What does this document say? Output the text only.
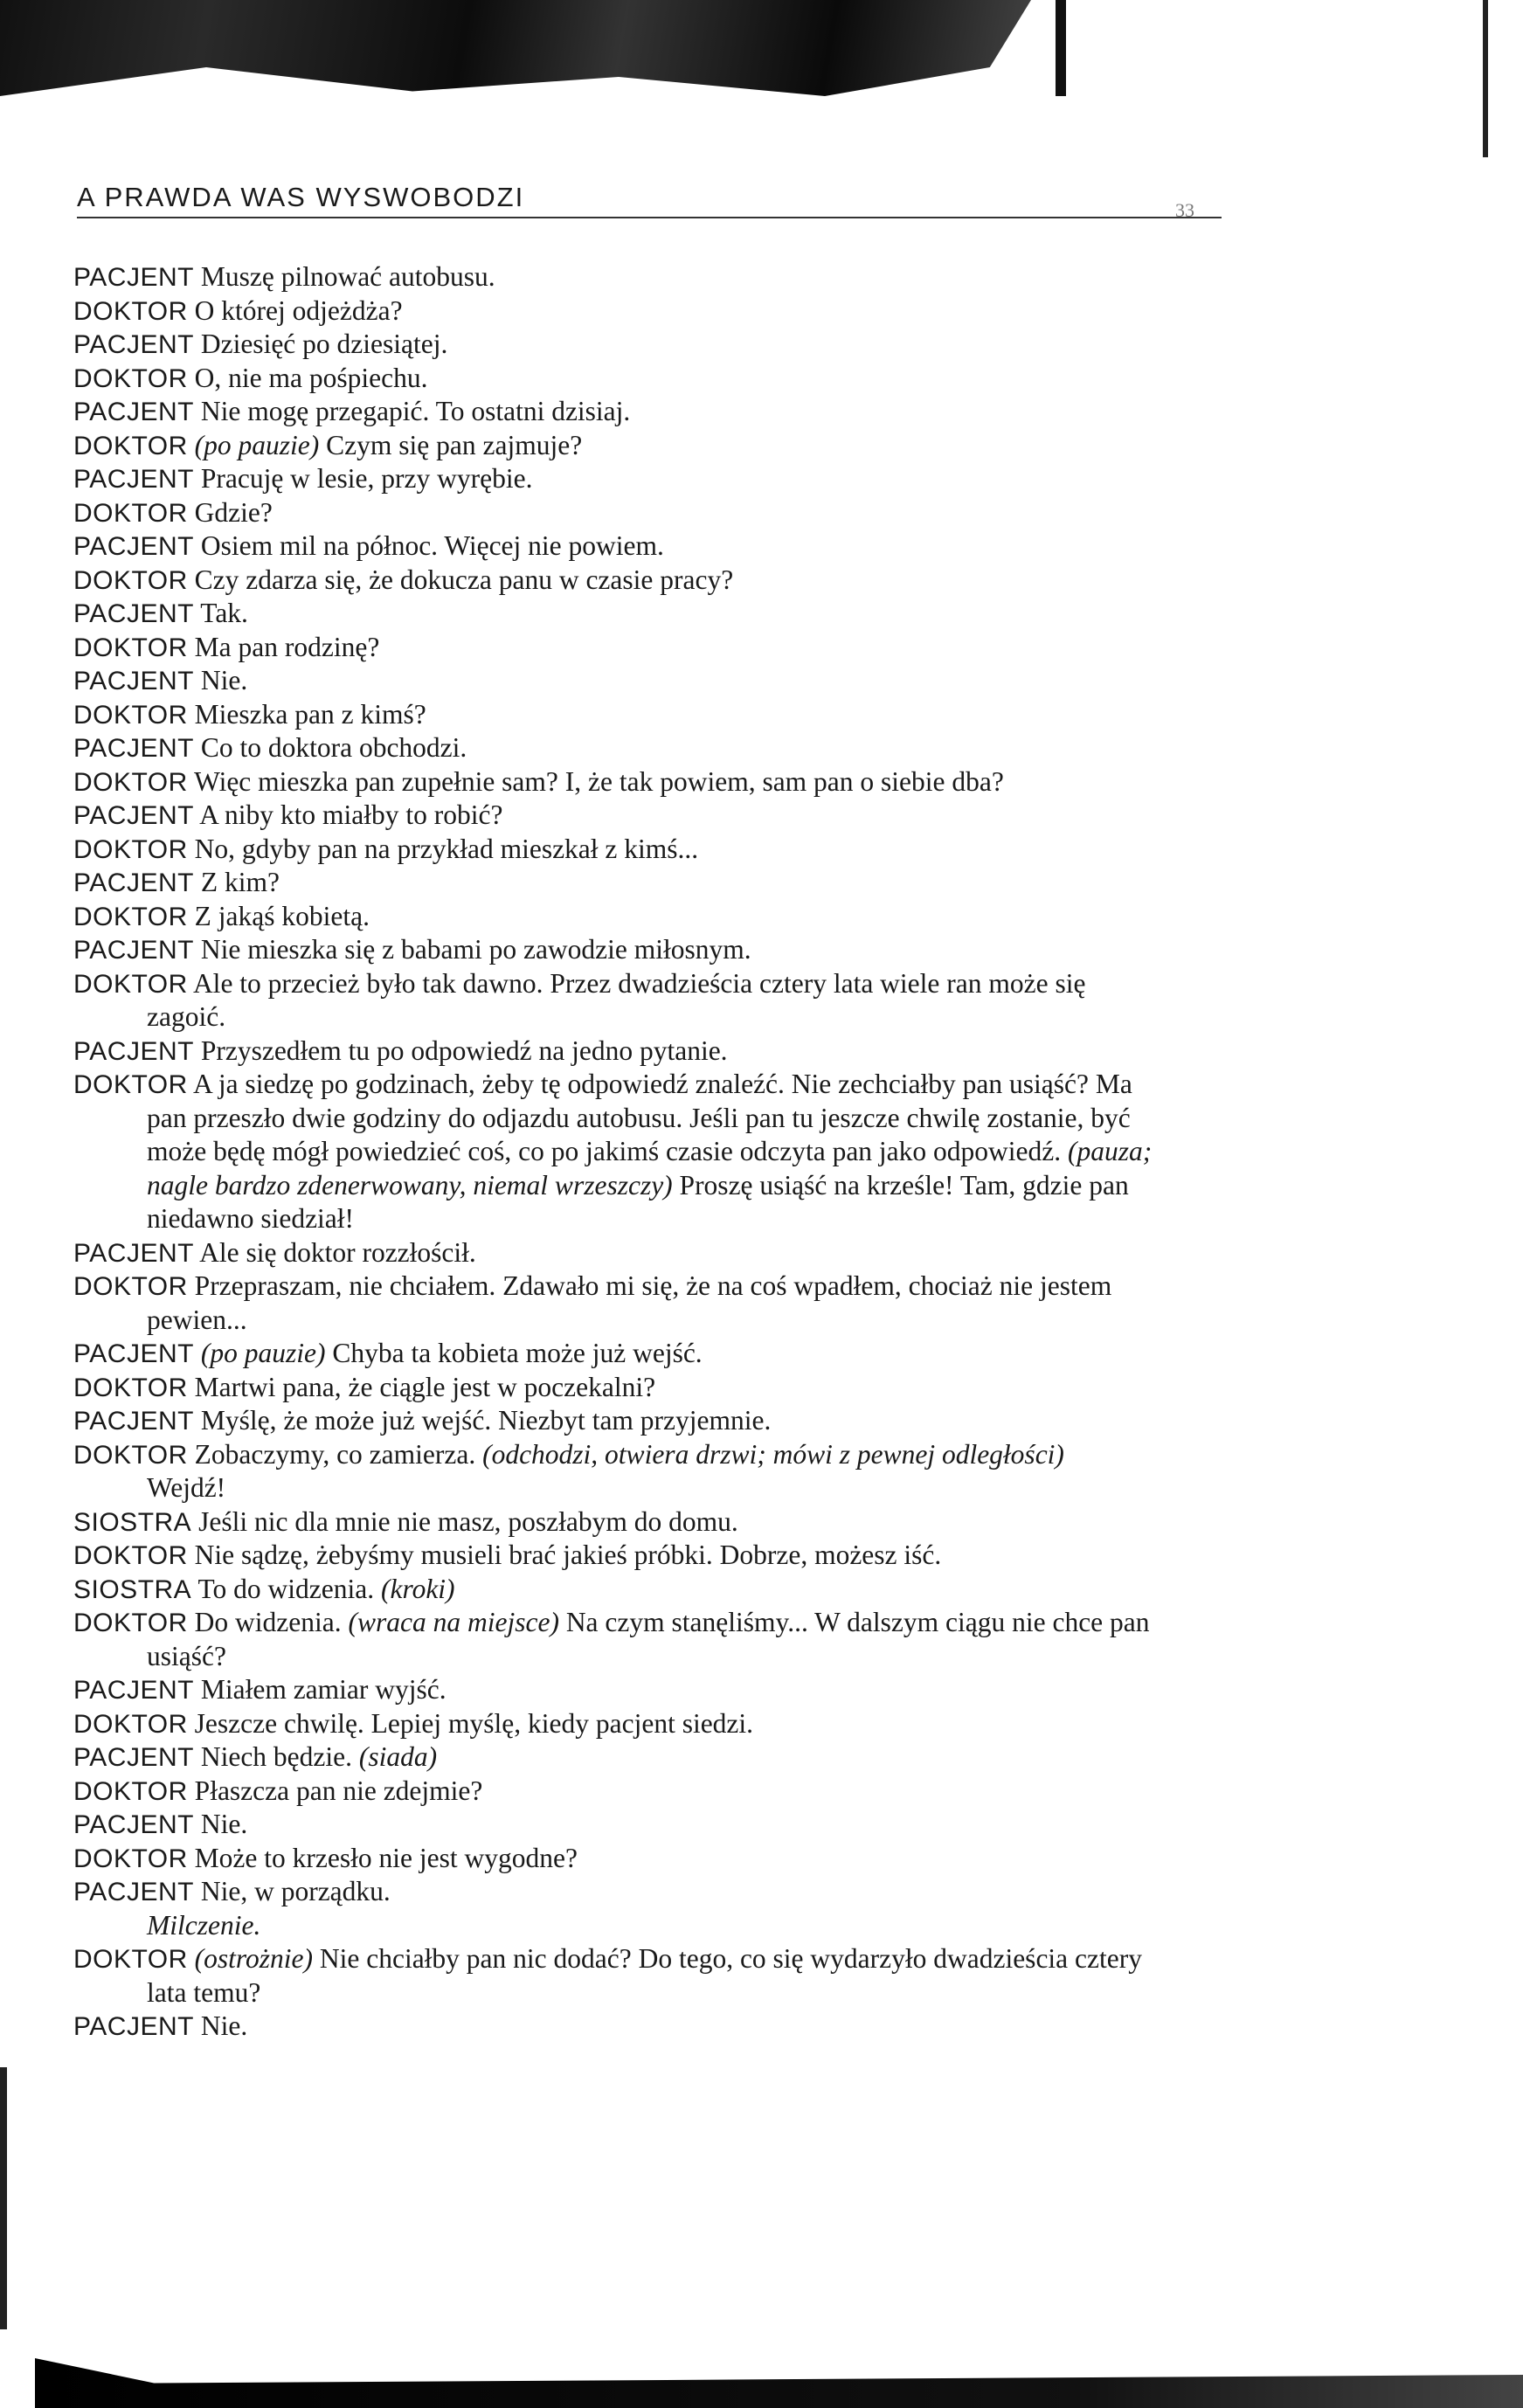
A PRAWDA WAS WYSWOBODZI	33
PACJENT Muszę pilnować autobusu.
DOKTOR O której odjeżdża?
PACJENT Dziesięć po dziesiątej.
DOKTOR O, nie ma pośpiechu.
PACJENT Nie mogę przegapić. To ostatni dzisiaj.
DOKTOR (po pauzie) Czym się pan zajmuje?
PACJENT Pracuję w lesie, przy wyrębie.
DOKTOR Gdzie?
PACJENT Osiem mil na północ. Więcej nie powiem.
DOKTOR Czy zdarza się, że dokucza panu w czasie pracy?
PACJENT Tak.
DOKTOR Ma pan rodzinę?
PACJENT Nie.
DOKTOR Mieszka pan z kimś?
PACJENT Co to doktora obchodzi.
DOKTOR Więc mieszka pan zupełnie sam? I, że tak powiem, sam pan o siebie dba?
PACJENT A niby kto miałby to robić?
DOKTOR No, gdyby pan na przykład mieszkał z kimś...
PACJENT Z kim?
DOKTOR Z jakąś kobietą.
PACJENT Nie mieszka się z babami po zawodzie miłosnym.
DOKTOR Ale to przecież było tak dawno. Przez dwadzieścia cztery lata wiele ran może się
zagoić.
PACJENT Przyszedłem tu po odpowiedź na jedno pytanie.
DOKTOR A ja siedzę po godzinach, żeby tę odpowiedź znaleźć. Nie zechciałby pan usiąść? Ma
pan przeszło dwie godziny do odjazdu autobusu. Jeśli pan tu jeszcze chwilę zostanie, być
może będę mógł powiedzieć coś, co po jakimś czasie odczyta pan jako odpowiedź. (pauza;
nagle bardzo zdenerwowany, niemal wrzeszczy) Proszę usiąść na krześle! Tam, gdzie pan
niedawno siedział!
PACJENT Ale się doktor rozzłościł.
DOKTOR Przepraszam, nie chciałem. Zdawało mi się, że na coś wpadłem, chociaż nie jestem
pewien...
PACJENT (po pauzie) Chyba ta kobieta może już wejść.
DOKTOR Martwi pana, że ciągle jest w poczekalni?
PACJENT Myślę, że może już wejść. Niezbyt tam przyjemnie.
DOKTOR Zobaczymy, co zamierza. (odchodzi, otwiera drzwi; mówi z pewnej odległości)
Wejdź!
SIOSTRA Jeśli nic dla mnie nie masz, poszłabym do domu.
DOKTOR Nie sądzę, żebyśmy musieli brać jakieś próbki. Dobrze, możesz iść.
SIOSTRA To do widzenia. (kroki)
DOKTOR Do widzenia. (wraca na miejsce) Na czym stanęliśmy... W dalszym ciągu nie chce pan
usiąść?
PACJENT Miałem zamiar wyjść.
DOKTOR Jeszcze chwilę. Lepiej myślę, kiedy pacjent siedzi.
PACJENT Niech będzie. (siada)
DOKTOR Płaszcza pan nie zdejmie?
PACJENT Nie.
DOKTOR Może to krzesło nie jest wygodne?
PACJENT Nie, w porządku.
Milczenie.
DOKTOR (ostrożnie) Nie chciałby pan nic dodać? Do tego, co się wydarzyło dwadzieścia cztery
lata temu?
PACJENT Nie.
